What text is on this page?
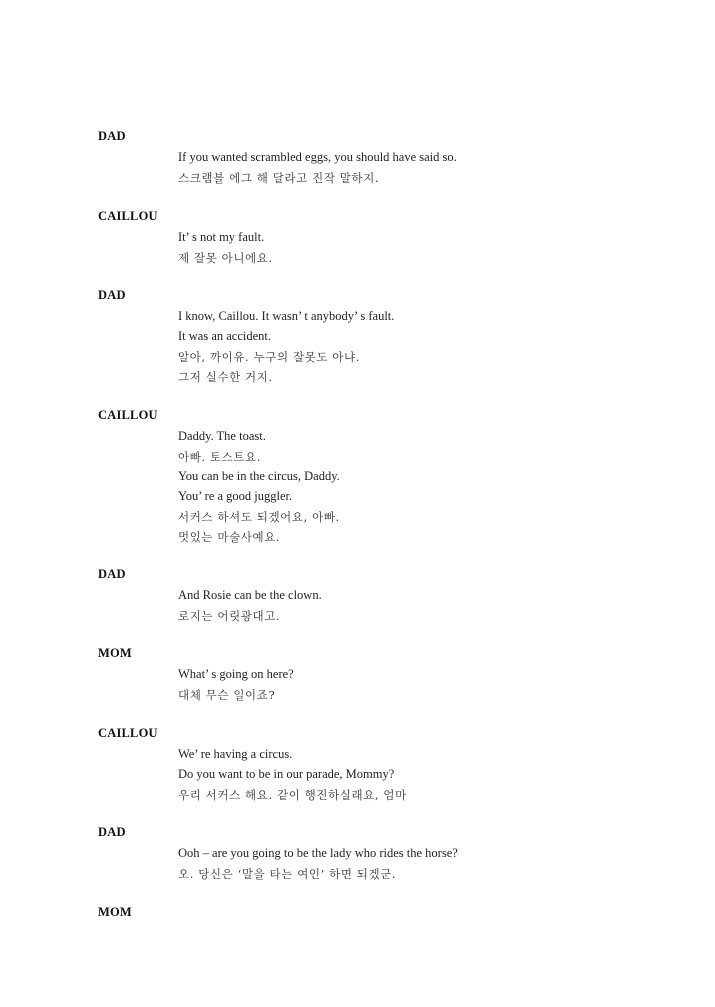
DAD
If you wanted scrambled eggs, you should have said so.
스크램블 에그 해 달라고 진작 말하지.
CAILLOU
It’ s not my fault.
제 잘못 아니에요.
DAD
I know, Caillou. It wasn’ t anybody’ s fault.
It was an accident.
알아, 까이유. 누구의 잘못도 아냐.
그저 실수한 거지.
CAILLOU
Daddy. The toast.
아빠. 토스트요.
You can be in the circus, Daddy.
You’ re a good juggler.
서커스 하셔도 되겠어요, 아빠.
멋있는 마술사예요.
DAD
And Rosie can be the clown.
로지는 어릿광대고.
MOM
What’ s going on here?
대체 무슨 일이죠?
CAILLOU
We’ re having a circus.
Do you want to be in our parade, Mommy?
우리 서커스 해요. 같이 행진하실래요, 엄마
DAD
Ooh – are you going to be the lady who rides the horse?
오. 당신은 ‘말을 타는 여인’ 하면 되겠군.
MOM
